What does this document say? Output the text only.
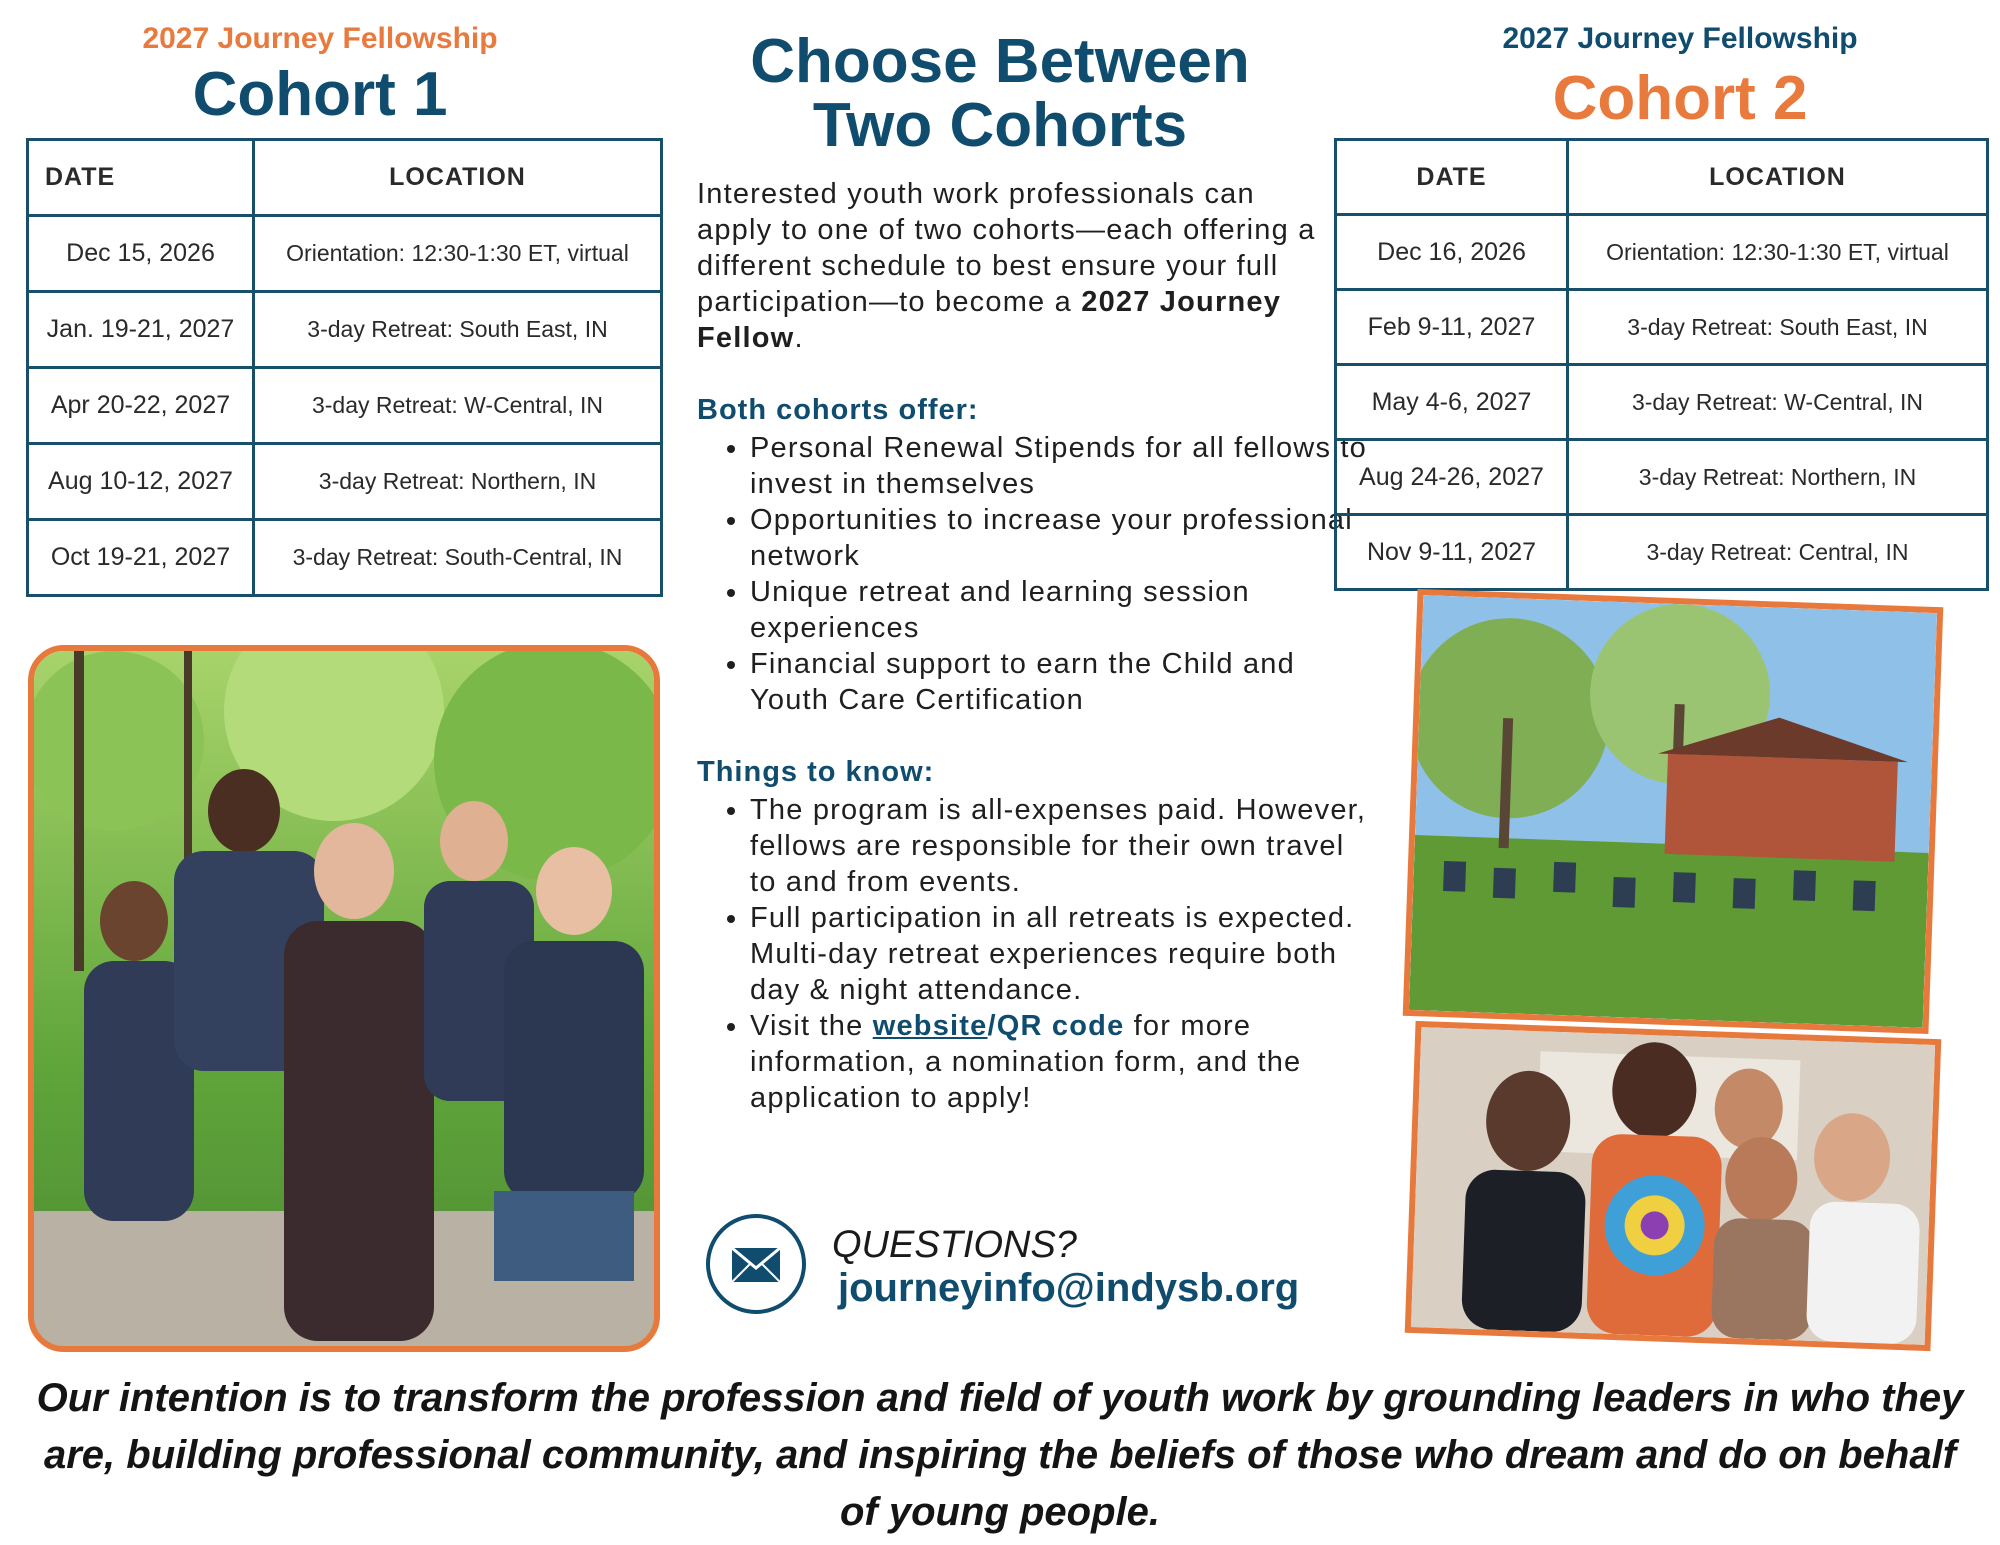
2027 Journey Fellowship
Cohort 1
DATE	LOCATION
Dec 15, 2026	Orientation: 12:30-1:30 ET, virtual
Jan. 19-21, 2027	3-day Retreat: South East, IN
Apr 20-22, 2027	3-day Retreat: W-Central, IN
Aug 10-12, 2027	3-day Retreat: Northern, IN
Oct 19-21, 2027	3-day Retreat: South-Central, IN
Choose Between
Two Cohorts
Interested youth work professionals can apply to one of two cohorts—each offering a different schedule to best ensure your full participation—to become a 2027 Journey Fellow.
Both cohorts offer:
• Personal Renewal Stipends for all fellows to invest in themselves
• Opportunities to increase your professional network
• Unique retreat and learning session experiences
• Financial support to earn the Child and Youth Care Certification
Things to know:
• The program is all-expenses paid. However, fellows are responsible for their own travel to and from events.
• Full participation in all retreats is expected. Multi-day retreat experiences require both day & night attendance.
• Visit the website/QR code for more information, a nomination form, and the application to apply!
QUESTIONS?
journeyinfo@indysb.org
2027 Journey Fellowship
Cohort 2
DATE	LOCATION
Dec 16, 2026	Orientation: 12:30-1:30 ET, virtual
Feb 9-11, 2027	3-day Retreat: South East, IN
May 4-6, 2027	3-day Retreat: W-Central, IN
Aug 24-26, 2027	3-day Retreat: Northern, IN
Nov 9-11, 2027	3-day Retreat: Central, IN
Our intention is to transform the profession and field of youth work by grounding leaders in who they are, building professional community, and inspiring the beliefs of those who dream and do on behalf of young people.
